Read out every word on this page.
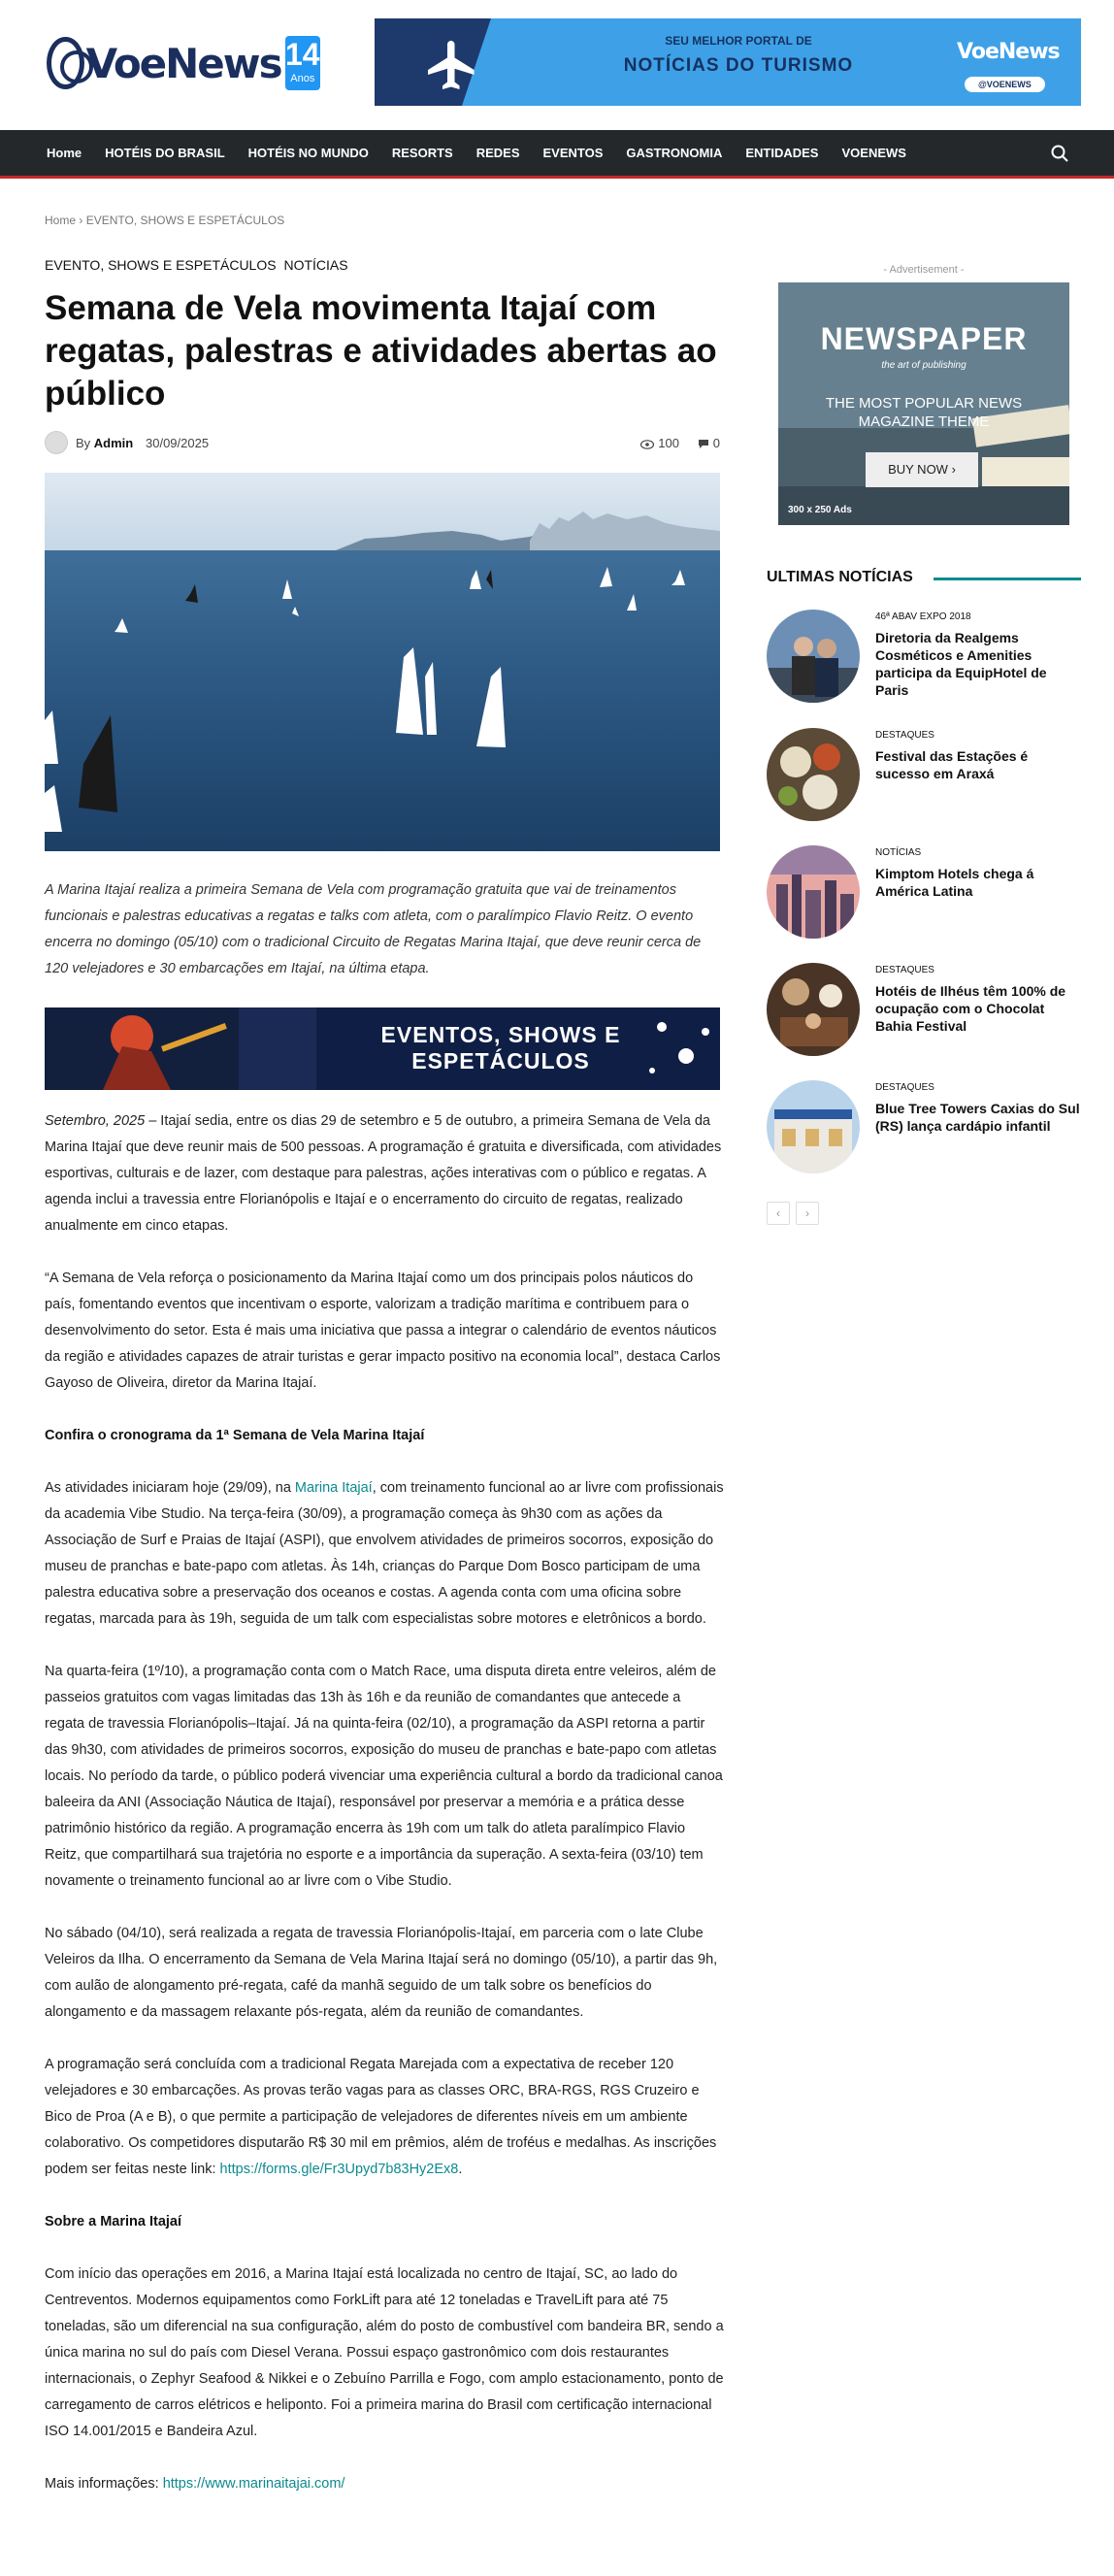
VoeNews 14
Anos
SEU MELHOR PORTAL DE
NOTÍCIAS DO TURISMO
VoeNews
@VOENEWS
Home	HOTÉIS DO BRASIL	HOTÉIS NO MUNDO	RESORTS	REDES	EVENTOS	GASTRONOMIA	ENTIDADES	VOENEWS
Home › EVENTO, SHOWS E ESPETÁCULOS
EVENTO, SHOWS E ESPETÁCULOS NOTÍCIAS
Semana de Vela movimenta Itajaí com regatas, palestras e atividades abertas ao público
By Admin 30/09/2025	100	0

A Marina Itajaí realiza a primeira Semana de Vela com programação gratuita que vai de treinamentos funcionais e palestras educativas a regatas e talks com atleta, com o paralímpico Flavio Reitz. O evento encerra no domingo (05/10) com o tradicional Circuito de Regatas Marina Itajaí, que deve reunir cerca de 120 velejadores e 30 embarcações em Itajaí, na última etapa.

EVENTOS, SHOWS E
ESPETÁCULOS

Setembro, 2025 – Itajaí sedia, entre os dias 29 de setembro e 5 de outubro, a primeira Semana de Vela da Marina Itajaí que deve reunir mais de 500 pessoas. A programação é gratuita e diversificada, com atividades esportivas, culturais e de lazer, com destaque para palestras, ações interativas com o público e regatas. A agenda inclui a travessia entre Florianópolis e Itajaí e o encerramento do circuito de regatas, realizado anualmente em cinco etapas.

“A Semana de Vela reforça o posicionamento da Marina Itajaí como um dos principais polos náuticos do país, fomentando eventos que incentivam o esporte, valorizam a tradição marítima e contribuem para o desenvolvimento do setor. Esta é mais uma iniciativa que passa a integrar o calendário de eventos náuticos da região e atividades capazes de atrair turistas e gerar impacto positivo na economia local”, destaca Carlos Gayoso de Oliveira, diretor da Marina Itajaí.

Confira o cronograma da 1ª Semana de Vela Marina Itajaí

As atividades iniciaram hoje (29/09), na Marina Itajaí, com treinamento funcional ao ar livre com profissionais da academia Vibe Studio. Na terça-feira (30/09), a programação começa às 9h30 com as ações da Associação de Surf e Praias de Itajaí (ASPI), que envolvem atividades de primeiros socorros, exposição do museu de pranchas e bate-papo com atletas. Às 14h, crianças do Parque Dom Bosco participam de uma palestra educativa sobre a preservação dos oceanos e costas. A agenda conta com uma oficina sobre regatas, marcada para às 19h, seguida de um talk com especialistas sobre motores e eletrônicos a bordo.

Na quarta-feira (1º/10), a programação conta com o Match Race, uma disputa direta entre veleiros, além de passeios gratuitos com vagas limitadas das 13h às 16h e da reunião de comandantes que antecede a regata de travessia Florianópolis–Itajaí. Já na quinta-feira (02/10), a programação da ASPI retorna a partir das 9h30, com atividades de primeiros socorros, exposição do museu de pranchas e bate-papo com atletas locais. No período da tarde, o público poderá vivenciar uma experiência cultural a bordo da tradicional canoa baleeira da ANI (Associação Náutica de Itajaí), responsável por preservar a memória e a prática desse patrimônio histórico da região. A programação encerra às 19h com um talk do atleta paralímpico Flavio Reitz, que compartilhará sua trajetória no esporte e a importância da superação. A sexta-feira (03/10) tem novamente o treinamento funcional ao ar livre com o Vibe Studio.

No sábado (04/10), será realizada a regata de travessia Florianópolis-Itajaí, em parceria com o late Clube Veleiros da Ilha. O encerramento da Semana de Vela Marina Itajaí será no domingo (05/10), a partir das 9h, com aulão de alongamento pré-regata, café da manhã seguido de um talk sobre os benefícios do alongamento e da massagem relaxante pós-regata, além da reunião de comandantes.

A programação será concluída com a tradicional Regata Marejada com a expectativa de receber 120 velejadores e 30 embarcações. As provas terão vagas para as classes ORC, BRA-RGS, RGS Cruzeiro e Bico de Proa (A e B), o que permite a participação de velejadores de diferentes níveis em um ambiente colaborativo. Os competidores disputarão R$ 30 mil em prêmios, além de troféus e medalhas. As inscrições podem ser feitas neste link: https://forms.gle/Fr3Upyd7b83Hy2Ex8.

Sobre a Marina Itajaí

Com início das operações em 2016, a Marina Itajaí está localizada no centro de Itajaí, SC, ao lado do Centreventos. Modernos equipamentos como ForkLift para até 12 toneladas e TravelLift para até 75 toneladas, são um diferencial na sua configuração, além do posto de combustível com bandeira BR, sendo a única marina no sul do país com Diesel Verana. Possui espaço gastronômico com dois restaurantes internacionais, o Zephyr Seafood & Nikkei e o Zebuíno Parrilla e Fogo, com amplo estacionamento, ponto de carregamento de carros elétricos e heliponto. Foi a primeira marina do Brasil com certificação internacional ISO 14.001/2015 e Bandeira Azul.

Mais informações: https://www.marinaitajai.com/

- Advertisement -
NEWSPAPER
the art of publishing
THE MOST POPULAR NEWS
MAGAZINE THEME
BUY NOW ›
300 x 250 Ads
ULTIMAS NOTÍCIAS
46ª ABAV EXPO 2018
Diretoria da Realgems Cosméticos e Amenities participa da EquipHotel de Paris
DESTAQUES
Festival das Estações é sucesso em Araxá
NOTÍCIAS
Kimptom Hotels chega á América Latina
DESTAQUES
Hotéis de Ilhéus têm 100% de ocupação com o Chocolat Bahia Festival
DESTAQUES
Blue Tree Towers Caxias do Sul (RS) lança cardápio infantil
‹	›
